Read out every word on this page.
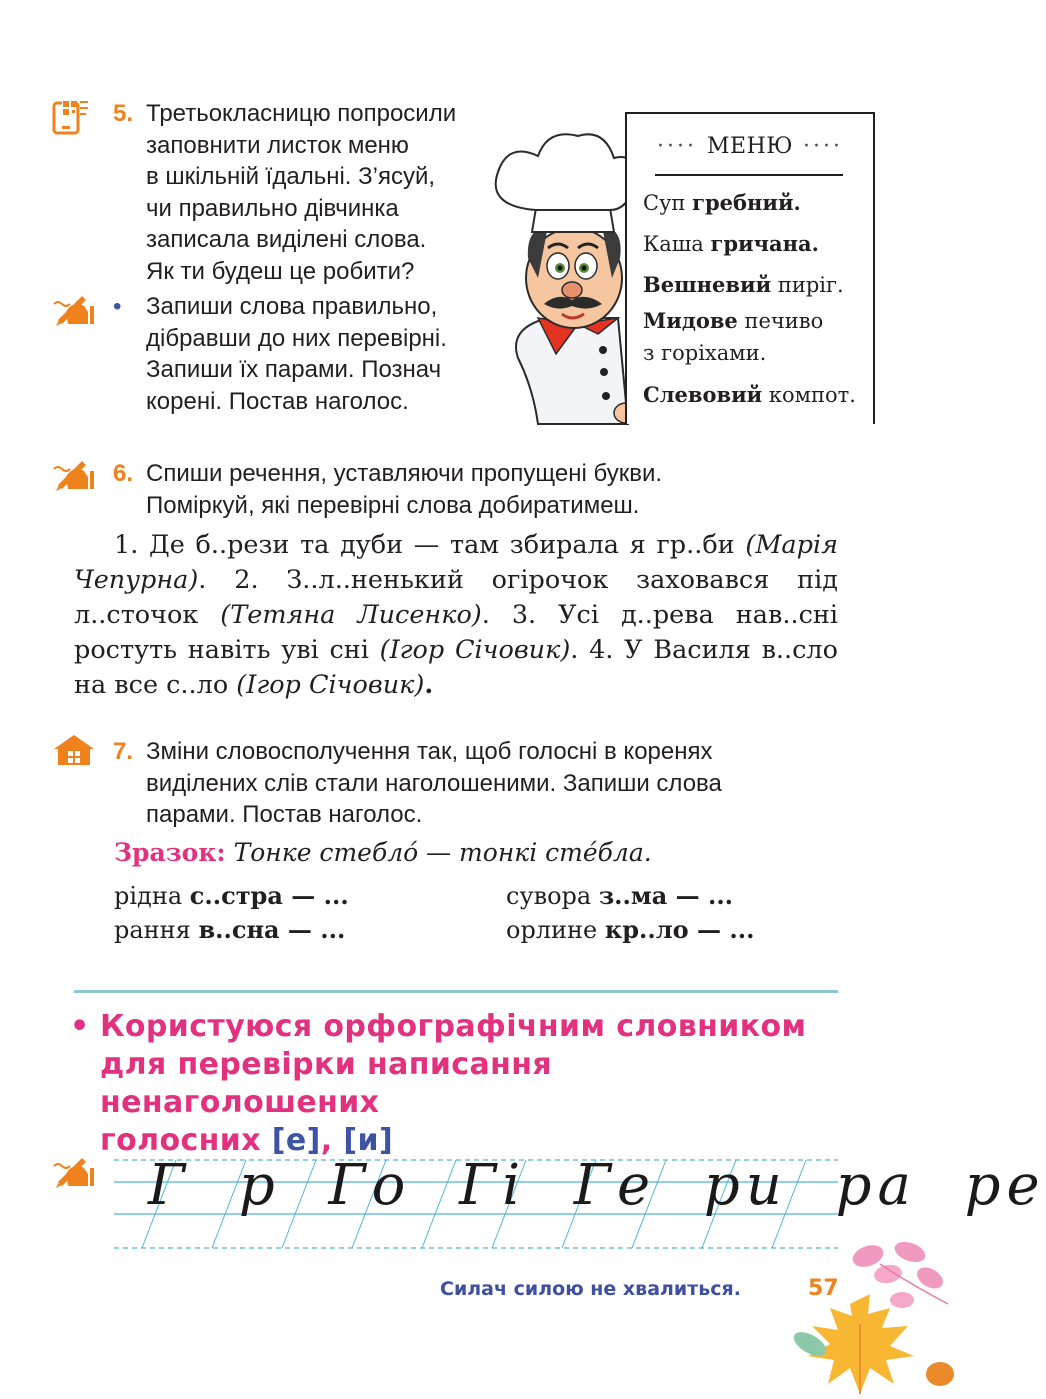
5. Третьокласницю попросили
заповнити листок меню
в шкільній їдальні. З’ясуй,
чи правильно дівчинка
записала виділені слова.
Як ти будеш це робити?
• Запиши слова правильно,
дібравши до них перевірні.
Запиши їх парами. Познач
корені. Постав наголос.
···· МЕНЮ ····
Суп гребний.
Каша гричана.
Вешневий пиріг.
Мидове печиво
з горіхами.
Слевовий компот.
6. Спиши речення, уставляючи пропущені букви.
Поміркуй, які перевірні слова добиратимеш.
1. Де б..рези та дуби — там збирала я гр..би (Марія Чепурна). 2. З..л..ненький огірочок заховався під л..сточок (Тетяна Лисенко). 3. Усі д..рева нав..сні ростуть навіть уві сні (Ігор Січовик). 4. У Василя в..сло на все с..ло (Ігор Січовик).
7. Зміни словосполучення так, щоб голосні в коренях
виділених слів стали наголошеними. Запиши слова
парами. Постав наголос.
Зразок: Тонке стебло́ — тонкі сте́бла.
рідна с..стра — ...	сувора з..ма — ...
рання в..сна — ...	орлине кр..ло — ...
• Користуюся орфографічним словником
для перевірки написання ненаголошених
голосних [е], [и]
Г р Го Гі Ге ри ра ре
Силач силою не хвалиться.	57
